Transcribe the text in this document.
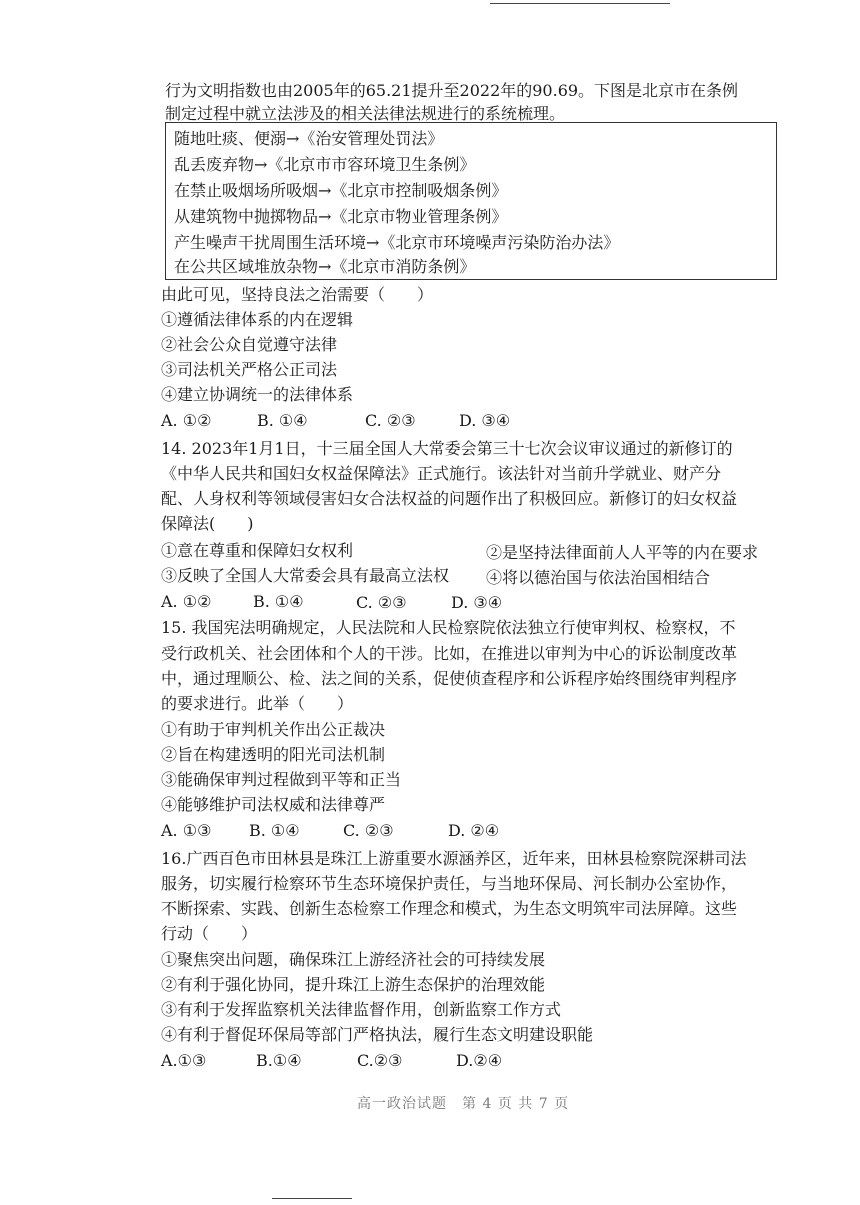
行为文明指数也由2005年的65.21提升至2022年的90.69。下图是北京市在条例
制定过程中就立法涉及的相关法律法规进行的系统梳理。
随地吐痰、便溺→《治安管理处罚法》
乱丢废弃物→《北京市市容环境卫生条例》
在禁止吸烟场所吸烟→《北京市控制吸烟条例》
从建筑物中抛掷物品→《北京市物业管理条例》
产生噪声干扰周围生活环境→《北京市环境噪声污染防治办法》
在公共区域堆放杂物→《北京市消防条例》
由此可见，坚持良法之治需要（　　）
①遵循法律体系的内在逻辑
②社会公众自觉遵守法律
③司法机关严格公正司法
④建立协调统一的法律体系
A. ①②	B. ①④	C. ②③	D. ③④
14. 2023年1月1日，十三届全国人大常委会第三十七次会议审议通过的新修订的
《中华人民共和国妇女权益保障法》正式施行。该法针对当前升学就业、财产分
配、人身权利等领域侵害妇女合法权益的问题作出了积极回应。新修订的妇女权益
保障法(　　)
①意在尊重和保障妇女权利	②是坚持法律面前人人平等的内在要求
③反映了全国人大常委会具有最高立法权 ④将以德治国与依法治国相结合
A. ①②	B. ①④	C. ②③	D. ③④
15. 我国宪法明确规定，人民法院和人民检察院依法独立行使审判权、检察权，不
受行政机关、社会团体和个人的干涉。比如，在推进以审判为中心的诉讼制度改革
中，通过理顺公、检、法之间的关系，促使侦查程序和公诉程序始终围绕审判程序
的要求进行。此举（　　）
①有助于审判机关作出公正裁决
②旨在构建透明的阳光司法机制
③能确保审判过程做到平等和正当
④能够维护司法权威和法律尊严
A. ①③ B. ①④	C. ②③	D. ②④
16.广西百色市田林县是珠江上游重要水源涵养区，近年来，田林县检察院深耕司法
服务，切实履行检察环节生态环境保护责任，与当地环保局、河长制办公室协作，
不断探索、实践、创新生态检察工作理念和模式，为生态文明筑牢司法屏障。这些
行动（　　）
①聚焦突出问题，确保珠江上游经济社会的可持续发展
②有利于强化协同，提升珠江上游生态保护的治理效能
③有利于发挥监察机关法律监督作用，创新监察工作方式
④有利于督促环保局等部门严格执法，履行生态文明建设职能
A.①③	B.①④	C.②③	D.②④
高一政治试题　第 4 页 共 7 页
